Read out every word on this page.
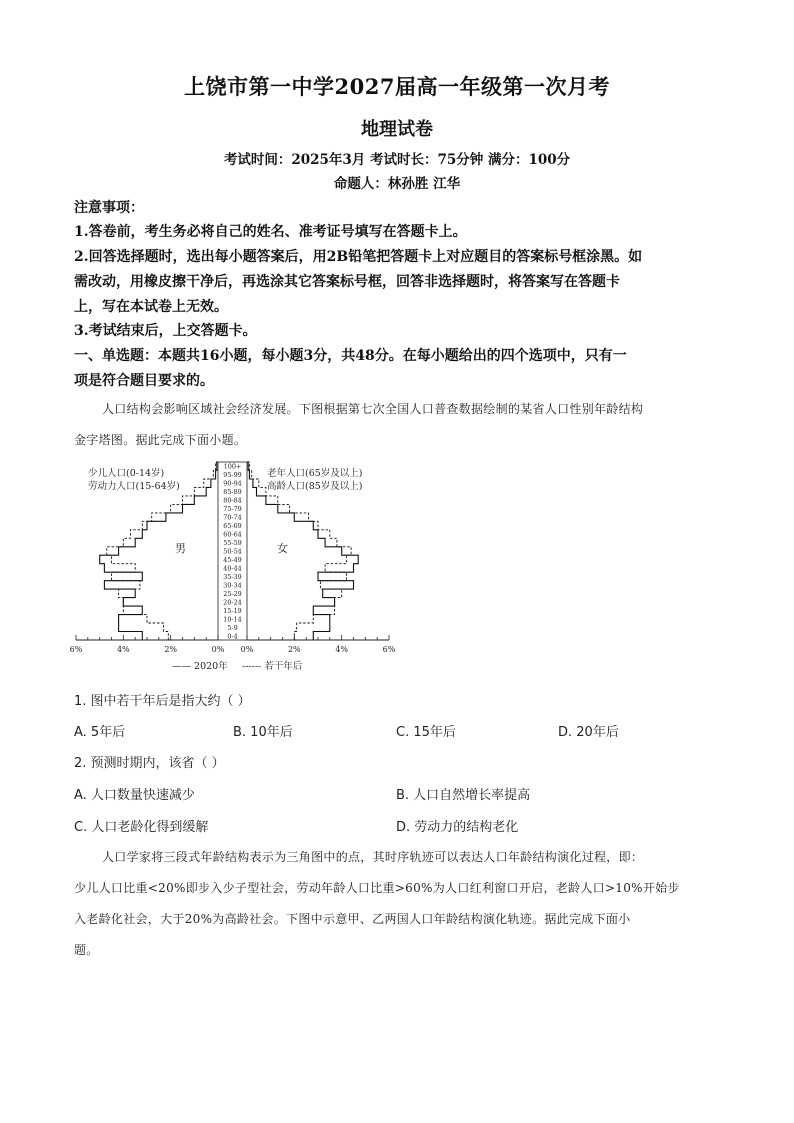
上饶市第一中学2027届高一年级第一次月考
地理试卷
考试时间：2025年3月 考试时长：75分钟 满分：100分
命题人：林孙胜 江华
注意事项：
1.答卷前，考生务必将自己的姓名、准考证号填写在答题卡上。
2.回答选择题时，选出每小题答案后，用2B铅笔把答题卡上对应题目的答案标号框涂黑。如
需改动，用橡皮擦干净后，再选涂其它答案标号框，回答非选择题时，将答案写在答题卡
上，写在本试卷上无效。
3.考试结束后，上交答题卡。
一、单选题：本题共16小题，每小题3分，共48分。在每小题给出的四个选项中，只有一
项是符合题目要求的。
人口结构会影响区域社会经济发展。下图根据第七次全国人口普查数据绘制的某省人口性别年龄结构
金字塔图。据此完成下面小题。
0-4
5-9
10-14
15-19
20-24
25-29
30-34
35-39
40-44
45-49
50-54
55-59
60-64
65-69
70-74
75-79
80-84
85-89
90-94
95-99
100+
6%	4%	2%	0% 0%	2%	4%	6%
少儿人口(0-14岁)
劳动力人口(15-64岁)
老年人口(65岁及以上)
高龄人口(85岁及以上)
男	女
—— 2020年 ------ 若干年后
1. 图中若干年后是指大约（ ）
A. 5年后	B. 10年后	C. 15年后	D. 20年后
2. 预测时期内，该省（ ）
A. 人口数量快速减少	B. 人口自然增长率提高
C. 人口老龄化得到缓解	D. 劳动力的结构老化
人口学家将三段式年龄结构表示为三角图中的点，其时序轨迹可以表达人口年龄结构演化过程，即：
少儿人口比重<20%即步入少子型社会，劳动年龄人口比重>60%为人口红利窗口开启，老龄人口>10%开始步
入老龄化社会，大于20%为高龄社会。下图中示意甲、乙两国人口年龄结构演化轨迹。据此完成下面小
题。
